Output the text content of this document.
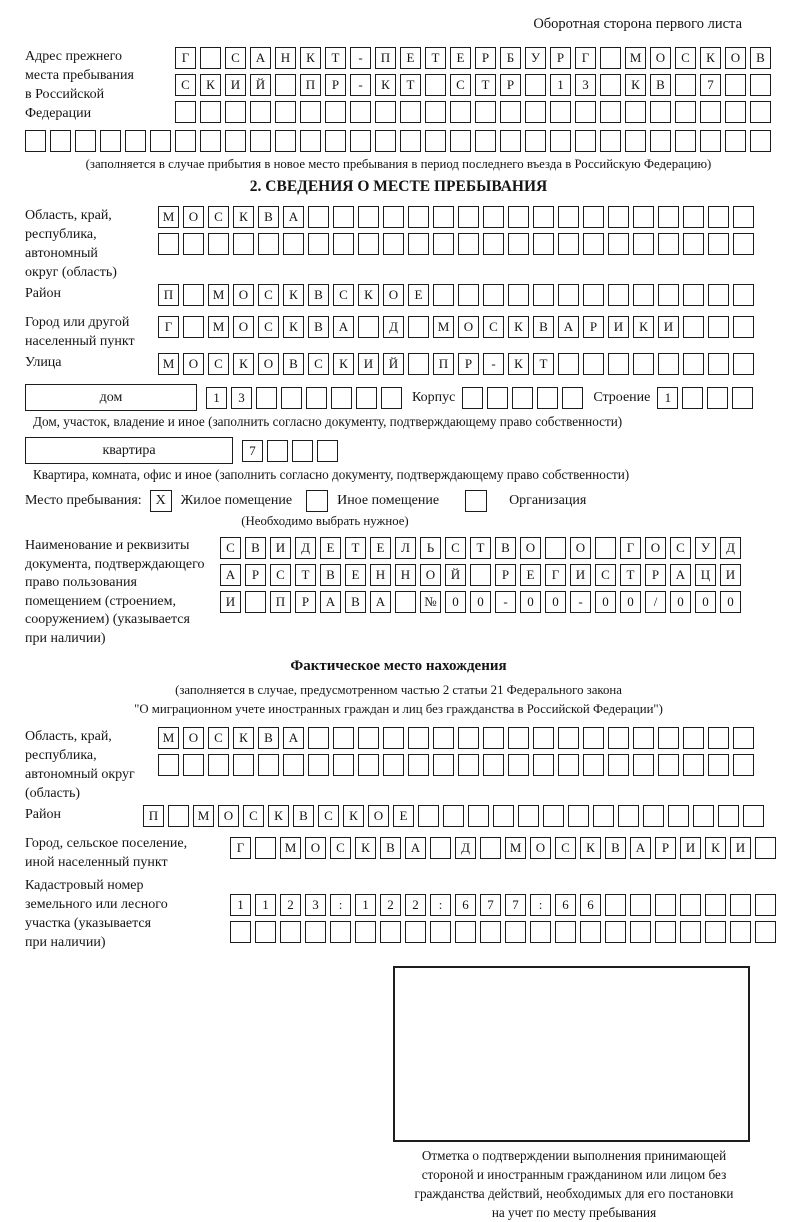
Оборотная сторона первого листа
Адрес прежнего
места пребывания
в Российской
Федерации
Г	С А Н К Т - П Е Т Е Р Б У Р Г	М О С К О В
С К И Й	П Р - К Т	С Т Р	1 3	К В	7
(заполняется в случае прибытия в новое место пребывания в период последнего въезда в Российскую Федерацию)
2. СВЕДЕНИЯ О МЕСТЕ ПРЕБЫВАНИЯ
Область, край,
республика,
автономный
округ (область)
М О С К В А
Район	П	М О С К В С К О Е
Город или другой
населенный пункт
Г	М О С К В А	Д	М О С К В А Р И К И
Улица	М О С К О В С К И Й	П Р - К Т
дом	1 3	Корпус	Строение	1
Дом, участок, владение и иное (заполнить согласно документу, подтверждающему право собственности)
квартира	7
Квартира, комната, офис и иное (заполнить согласно документу, подтверждающему право собственности)
Место пребывания: X	Жилое помещение	Иное помещение	Организация
(Необходимо выбрать нужное)
Наименование и реквизиты
документа, подтверждающего
право пользования
помещением (строением,
сооружением) (указывается
при наличии)
С В И Д Е Т Е Л Ь С Т В О	О	Г О С У Д
А Р С Т В Е Н Н О Й	Р Е Г И С Т Р А Ц И
И	П Р А В А	№ 0 0 - 0 0 - 0 0 / 0 0 0
Фактическое место нахождения
(заполняется в случае, предусмотренном частью 2 статьи 21 Федерального закона
"О миграционном учете иностранных граждан и лиц без гражданства в Российской Федерации")
Область, край,
республика,
автономный округ
(область)
М О С К В А
Район	П	М О С К В С К О Е
Город, сельское поселение,
иной населенный пункт
Г	М О С К В А	Д	М О С К В А Р И К И
Кадастровый номер
земельного или лесного
участка (указывается
при наличии)
1 1 2 3 : 1 2 2 : 6 7 7 : 6 6
Отметка о подтверждении выполнения принимающей
стороной и иностранным гражданином или лицом без
гражданства действий, необходимых для его постановки
на учет по месту пребывания
